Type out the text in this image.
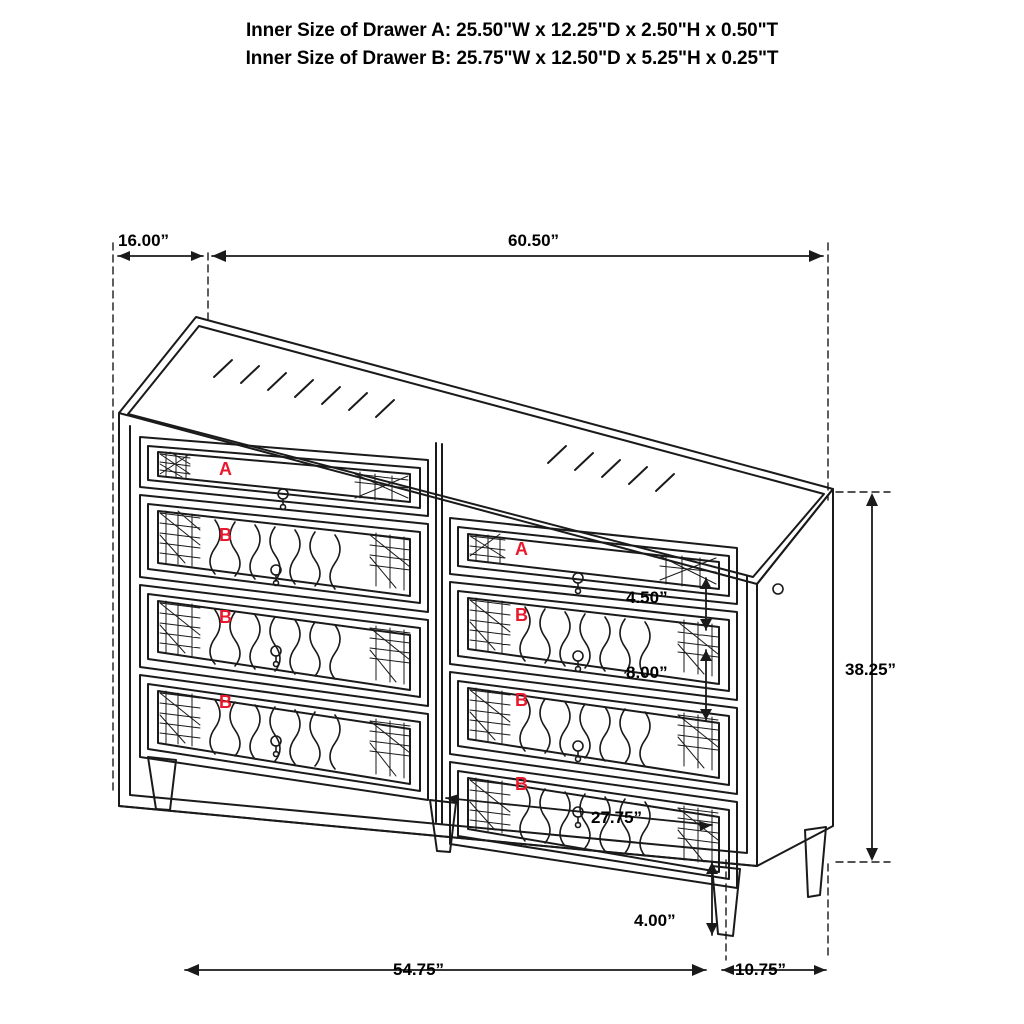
Inner Size of Drawer A: 25.50"W x 12.25"D x 2.50"H x 0.50"T
Inner Size of Drawer B: 25.75"W x 12.50"D x 5.25"H x 0.25"T
16.00”	60.50”
38.25”
4.50”
8.00”
27.75”
4.00”
54.75”	10.75”
A
B
B
B
A
B
B
B
